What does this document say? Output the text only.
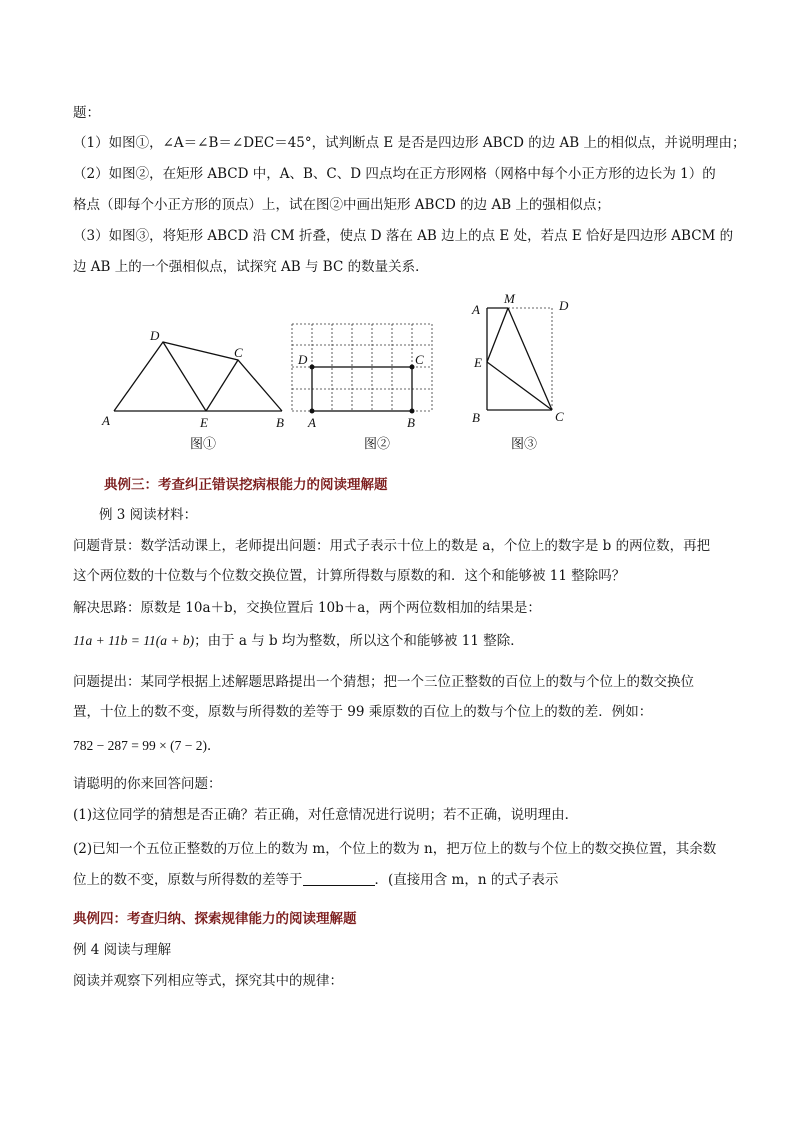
题：
（1）如图①，∠A＝∠B＝∠DEC＝45°，试判断点 E 是否是四边形 ABCD 的边 AB 上的相似点，并说明理由；
（2）如图②，在矩形 ABCD 中，A、B、C、D 四点均在正方形网格（网格中每个小正方形的边长为 1）的
格点（即每个小正方形的顶点）上，试在图②中画出矩形 ABCD 的边 AB 上的强相似点；
（3）如图③，将矩形 ABCD 沿 CM 折叠，使点 D 落在 AB 边上的点 E 处，若点 E 恰好是四边形 ABCM 的
边 AB 上的一个强相似点，试探究 AB 与 BC 的数量关系．
A	B
C
D
E
图①
A	B
C
D
图②
A
B	C
D
E
M
图③
典例三：考查纠正错误挖病根能力的阅读理解题
例 3 阅读材料：
问题背景：数学活动课上，老师提出问题：用式子表示十位上的数是 a，个位上的数字是 b 的两位数，再把
这个两位数的十位数与个位数交换位置，计算所得数与原数的和．这个和能够被 11 整除吗？
解决思路：原数是 10a＋b，交换位置后 10b＋a，两个两位数相加的结果是：
11a + 11b = 11(a + b)；由于 a 与 b 均为整数，所以这个和能够被 11 整除．
问题提出：某同学根据上述解题思路提出一个猜想；把一个三位正整数的百位上的数与个位上的数交换位
置，十位上的数不变，原数与所得数的差等于 99 乘原数的百位上的数与个位上的数的差．例如：
782 − 287 = 99 × (7 − 2)．
请聪明的你来回答问题：
(1)这位同学的猜想是否正确？若正确，对任意情况进行说明；若不正确，说明理由．
(2)已知一个五位正整数的万位上的数为 m，个位上的数为 n，把万位上的数与个位上的数交换位置，其余数
位上的数不变，原数与所得数的差等于	．(直接用含 m，n 的式子表示
典例四：考查归纳、探索规律能力的阅读理解题
例 4 阅读与理解
阅读并观察下列相应等式，探究其中的规律：
